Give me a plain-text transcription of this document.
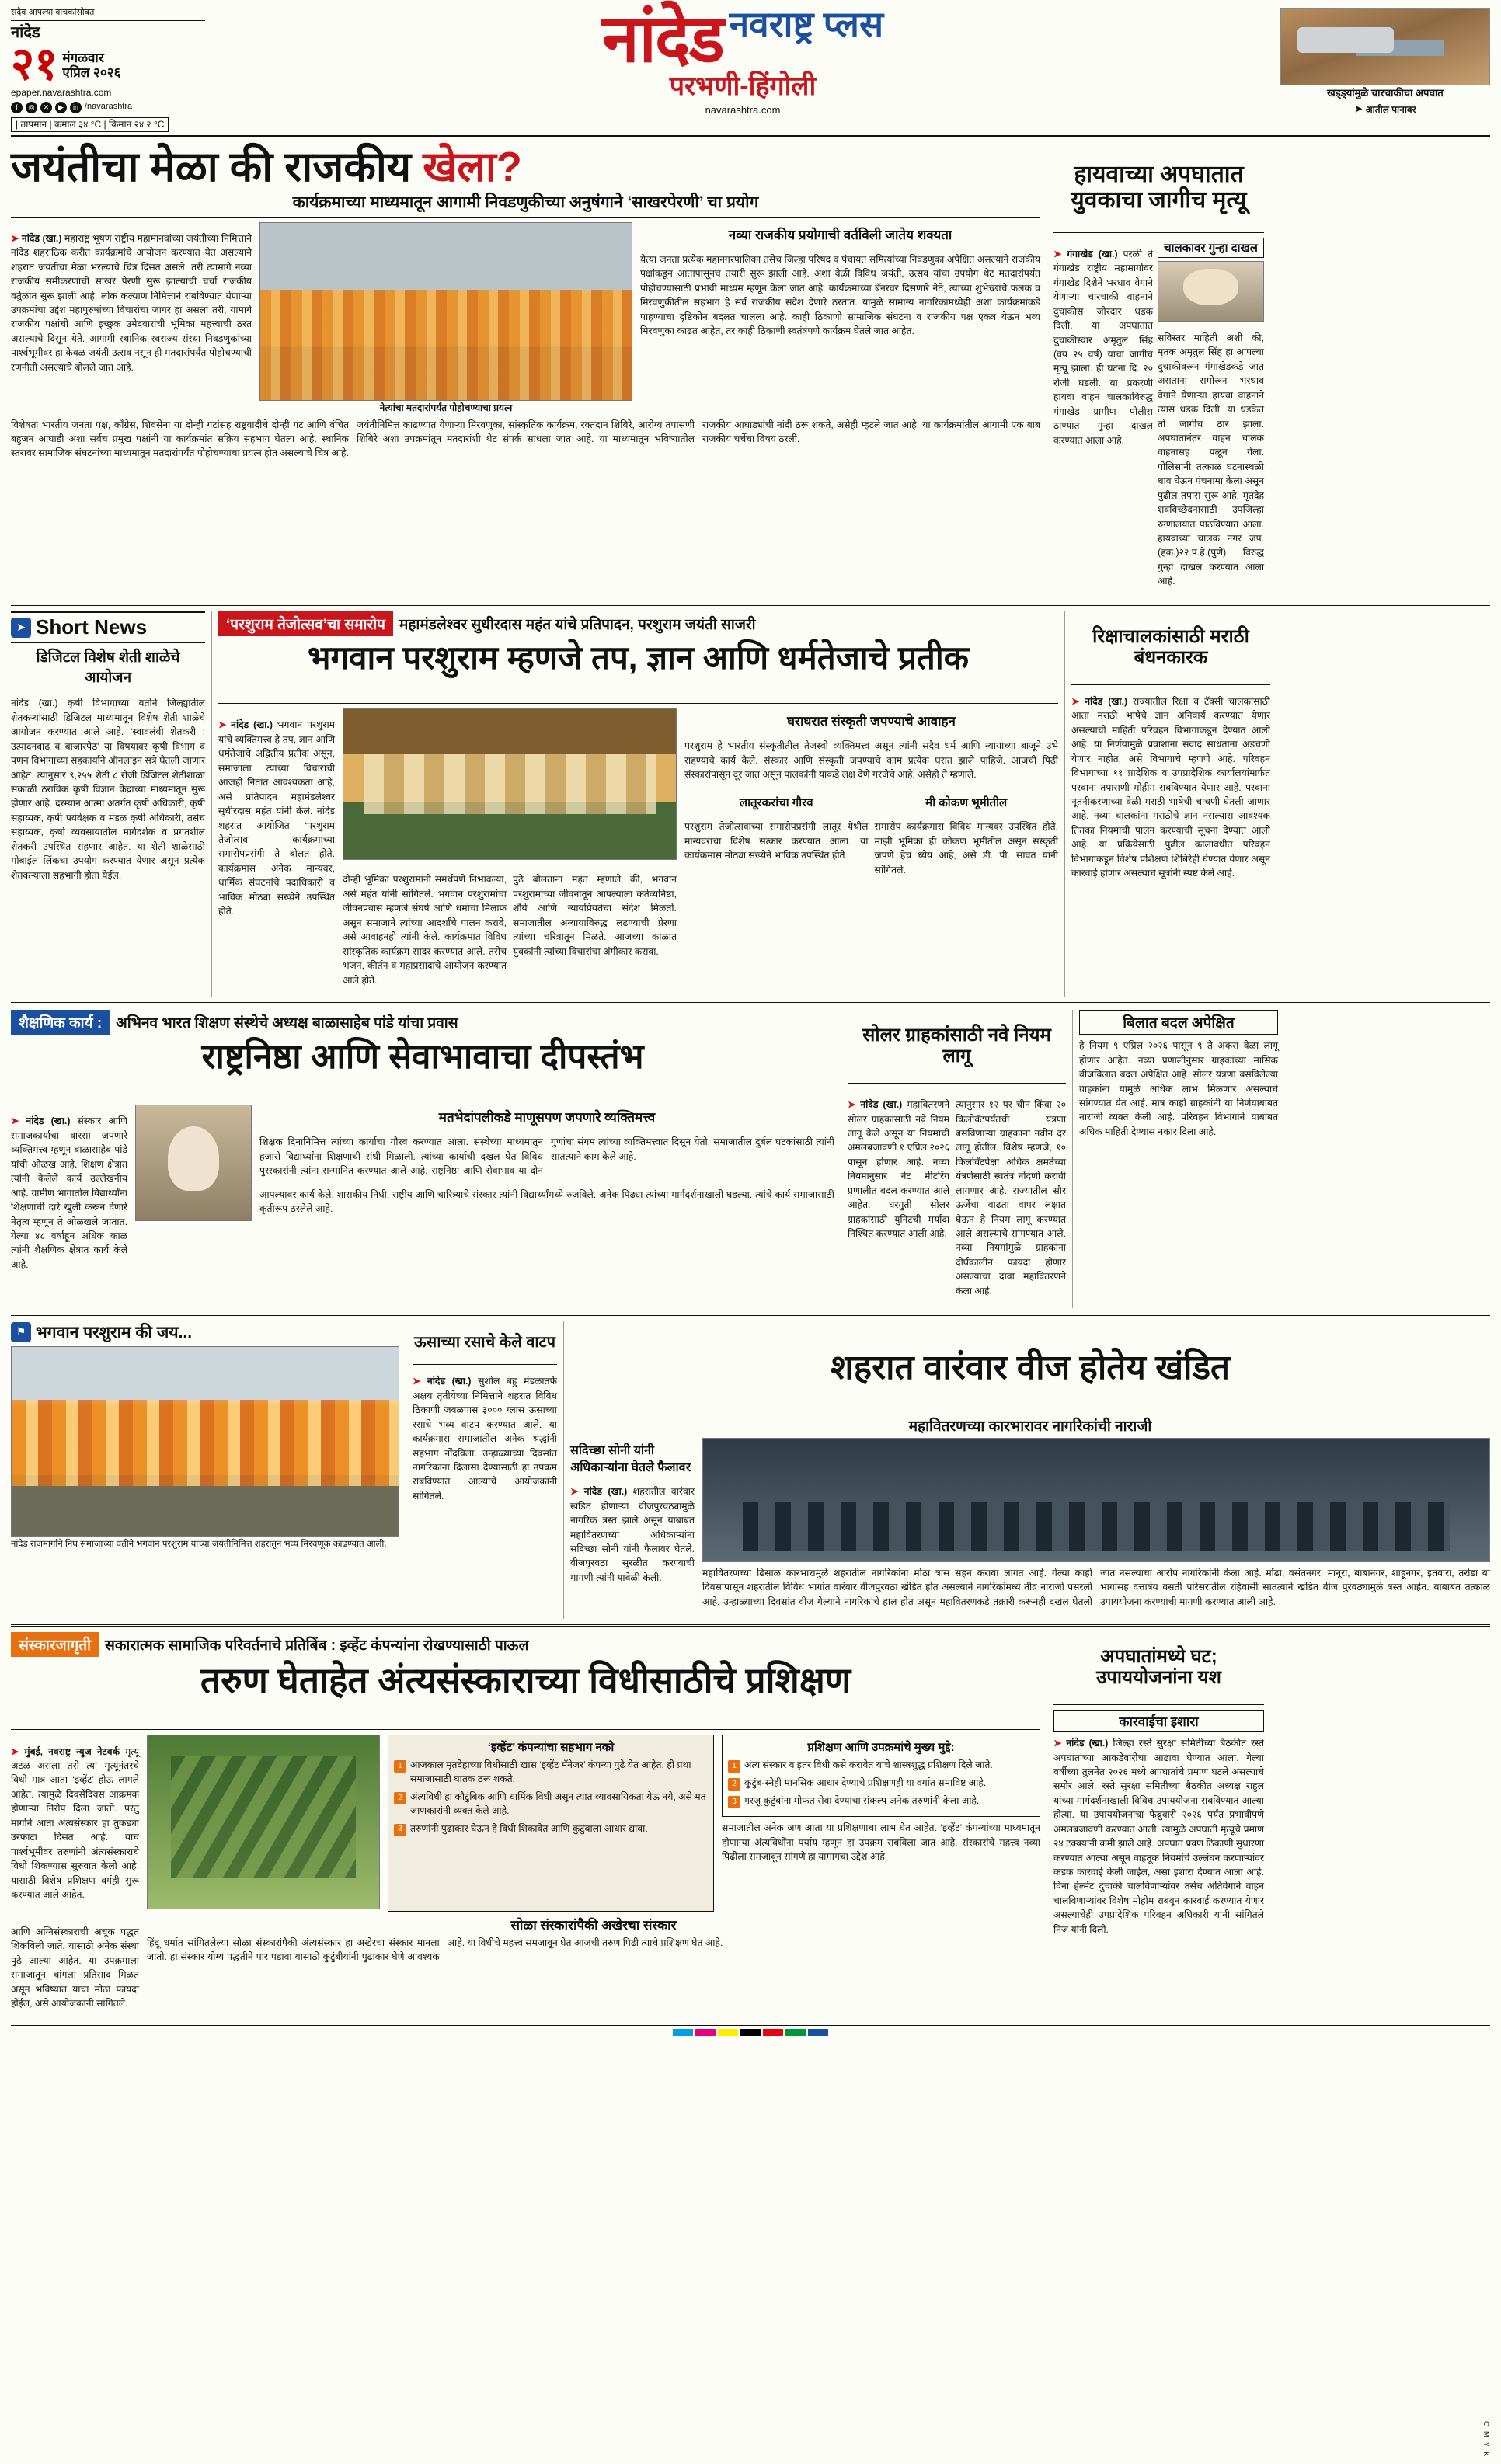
सदैव आपल्या वाचकांसोबत
नांदेड
२१ मंगळवार
एप्रिल २०२६
epaper.navarashtra.com
f	◎	✕	▶	in /navarashtra
| तापमान | कमाल ३४ °C | किमान २४.२ °C
नांदेड नवराष्ट्र प्लस
परभणी-हिंगोली
navarashtra.com
खड्ड्यांमुळे चारचाकीचा अपघात
➤ आतील पानावर
जयंतीचा मेळा की राजकीय खेला?
कार्यक्रमाच्या माध्यमातून आगामी निवडणुकीच्या अनुषंगाने ‘साखरपेरणी’ चा प्रयोग

➤ नांदेड (खा.) महाराष्ट्र भूषण राष्ट्रीय महामानवांच्या जयंतीच्या निमित्ताने नांदेड शहराठिक करीत कार्यक्रमांचे आयोजन करण्यात येत असल्याने शहरात जयंतीचा मेळा भरल्याचे चित्र दिसत असले, तरी त्यामागे नव्या राजकीय समीकरणांची साखर पेरणी सुरू झाल्याची चर्चा राजकीय वर्तुळात सुरू झाली आहे. लोक कल्याण निमित्ताने राबविण्यात येणाऱ्या उपक्रमांचा उद्देश महापुरुषांच्या विचारांचा जागर हा असला तरी, यामागे राजकीय पक्षांची आणि इच्छुक उमेदवारांची भूमिका महत्त्वाची ठरत असल्याचे दिसून येते. आगामी स्थानिक स्वराज्य संस्था निवडणुकांच्या पार्श्वभूमीवर हा केवळ जयंती उत्सव नसून ही मतदारांपर्यंत पोहोचण्याची रणनीती असल्याचे बोलले जात आहे.

नेत्यांचा मतदारांपर्यंत पोहोचण्याचा प्रयत्न
नव्या राजकीय प्रयोगाची वर्तविली जातेय शक्यता

येत्या जनता प्रत्येक महानगरपालिका तसेच जिल्हा परिषद व पंचायत समित्यांच्या निवडणुका अपेक्षित असल्याने राजकीय पक्षांकडून आतापासूनच तयारी सुरू झाली आहे. अशा वेळी विविध जयंती, उत्सव यांचा उपयोग थेट मतदारांपर्यंत पोहोचण्यासाठी प्रभावी माध्यम म्हणून केला जात आहे. कार्यक्रमांच्या बॅनरवर दिसणारे नेते, त्यांच्या शुभेच्छांचे फलक व मिरवणुकीतील सहभाग हे सर्व राजकीय संदेश देणारे ठरतात. यामुळे सामान्य नागरिकांमध्येही अशा कार्यक्रमांकडे पाहण्याचा दृष्टिकोन बदलत चालला आहे. काही ठिकाणी सामाजिक संघटना व राजकीय पक्ष एकत्र येऊन भव्य मिरवणुका काढत आहेत, तर काही ठिकाणी स्वतंत्रपणे कार्यक्रम घेतले जात आहेत.

विशेषतः भारतीय जनता पक्ष, काँग्रेस, शिवसेना या दोन्ही गटांसह राष्ट्रवादीचे दोन्ही गट आणि वंचित बहुजन आघाडी अशा सर्वच प्रमुख पक्षांनी या कार्यक्रमांत सक्रिय सहभाग घेतला आहे. स्थानिक स्तरावर सामाजिक संघटनांच्या माध्यमातून मतदारांपर्यंत पोहोचण्याचा प्रयत्न होत असल्याचे चित्र आहे. जयंतीनिमित्त काढण्यात येणाऱ्या मिरवणुका, सांस्कृतिक कार्यक्रम, रक्तदान शिबिरे, आरोग्य तपासणी शिबिरे अशा उपक्रमांतून मतदारांशी थेट संपर्क साधला जात आहे. या माध्यमातून भविष्यातील राजकीय आघाड्यांची नांदी ठरू शकते, असेही म्हटले जात आहे. या कार्यक्रमांतील आगामी एक बाब राजकीय चर्चेचा विषय ठरली.

हायवाच्या अपघातात युवकाचा जागीच मृत्यू

➤ गंगाखेड (खा.) परळी ते गंगाखेड राष्ट्रीय महामार्गावर गंगाखेड दिशेने भरधाव वेगाने येणाऱ्या चारचाकी वाहनाने दुचाकीस जोरदार धडक दिली. या अपघातात दुचाकीस्वार अमृतुल सिंह (वय २५ वर्ष) याचा जागीच मृत्यू झाला. ही घटना दि. २० रोजी घडली. या प्रकरणी हायवा वाहन चालकाविरुद्ध गंगाखेड ग्रामीण पोलीस ठाण्यात गुन्हा दाखल करण्यात आला आहे.

चालकावर गुन्हा दाखल

सविस्तर माहिती अशी की, मृतक अमृतुल सिंह हा आपल्या दुचाकीवरून गंगाखेडकडे जात असताना समोरून भरधाव वेगाने येणाऱ्या हायवा वाहनाने त्यास धडक दिली. या धडकेत तो जागीच ठार झाला. अपघातानंतर वाहन चालक वाहनासह पळून गेला. पोलिसांनी तत्काळ घटनास्थळी धाव घेऊन पंचनामा केला असून पुढील तपास सुरू आहे. मृतदेह शवविच्छेदनासाठी उपजिल्हा रुग्णालयात पाठविण्यात आला. हायवाच्या चालक नगर जप.(हक.)२२.प.हे.(पुणे) विरुद्ध गुन्हा दाखल करण्यात आला आहे.

➤ Short News
डिजिटल विशेष शेती शाळेचे आयोजन

नांदेड (खा.) कृषी विभागाच्या वतीने जिल्ह्यातील शेतकऱ्यांसाठी डिजिटल माध्यमातून विशेष शेती शाळेचे आयोजन करण्यात आले आहे. ‘स्वावलंबी शेतकरी : उत्पादनवाढ व बाजारपेठ’ या विषयावर कृषी विभाग व पणन विभागाच्या सहकार्याने ऑनलाइन सत्रे घेतली जाणार आहेत. त्यानुसार ९,२५५ शेती ८ रोजी डिजिटल शेतीशाळा सकाळी ठराविक कृषी विज्ञान केंद्राच्या माध्यमातून सुरू होणार आहे. दरम्यान आत्मा अंतर्गत कृषी अधिकारी, कृषी सहाय्यक, कृषी पर्यवेक्षक व मंडळ कृषी अधिकारी, तसेच सहाय्यक, कृषी व्यवसायातील मार्गदर्शक व प्रगतशील शेतकरी उपस्थित राहणार आहेत. या शेती शाळेसाठी मोबाईल लिंकचा उपयोग करण्यात येणार असून प्रत्येक शेतकऱ्याला सहभागी होता येईल.

‘परशुराम तेजोत्सव’चा समारोप महामंडलेश्वर सुधीरदास महंत यांचे प्रतिपादन, परशुराम जयंती साजरी
भगवान परशुराम म्हणजे तप, ज्ञान आणि धर्मतेजाचे प्रतीक

➤ नांदेड (खा.) भगवान परशुराम यांचे व्यक्तिमत्त्व हे तप, ज्ञान आणि धर्मतेजाचे अद्वितीय प्रतीक असून, समाजाला त्यांच्या विचारांची आजही नितांत आवश्यकता आहे, असे प्रतिपादन महामंडलेश्वर सुधीरदास महंत यांनी केले. नांदेड शहरात आयोजित ‘परशुराम तेजोत्सव’ कार्यक्रमाच्या समारोपप्रसंगी ते बोलत होते. कार्यक्रमास अनेक मान्यवर, धार्मिक संघटनांचे पदाधिकारी व भाविक मोठ्या संख्येने उपस्थित होते.

दोन्ही भूमिका परशुरामांनी समर्थपणे निभावल्या, असे महंत यांनी सांगितले. भगवान परशुरामांचा जीवनप्रवास म्हणजे संघर्ष आणि धर्माचा मिलाफ असून समाजाने त्यांच्या आदर्शांचे पालन करावे, असे आवाहनही त्यांनी केले. कार्यक्रमात विविध सांस्कृतिक कार्यक्रम सादर करण्यात आले. तसेच भजन, कीर्तन व महाप्रसादाचे आयोजन करण्यात आले होते.

पुढे बोलताना महंत म्हणाले की, भगवान परशुरामांच्या जीवनातून आपल्याला कर्तव्यनिष्ठा, शौर्य आणि न्यायप्रियतेचा संदेश मिळतो. समाजातील अन्यायाविरुद्ध लढण्याची प्रेरणा त्यांच्या चरित्रातून मिळते. आजच्या काळात युवकांनी त्यांच्या विचारांचा अंगीकार करावा.

घराघरात संस्कृती जपण्याचे आवाहन

परशुराम हे भारतीय संस्कृतीतील तेजस्वी व्यक्तिमत्त्व असून त्यांनी सदैव धर्म आणि न्यायाच्या बाजूने उभे राहण्याचे कार्य केले. संस्कार आणि संस्कृती जपण्याचे काम प्रत्येक घरात झाले पाहिजे. आजची पिढी संस्कारांपासून दूर जात असून पालकांनी याकडे लक्ष देणे गरजेचे आहे, असेही ते म्हणाले.

लातूरकरांचा गौरव

परशुराम तेजोत्सवाच्या समारोपप्रसंगी लातूर येथील मान्यवरांचा विशेष सत्कार करण्यात आला. या कार्यक्रमास मोठ्या संख्येने भाविक उपस्थित होते.

मी कोकण भूमीतील

समारोप कार्यक्रमास विविध मान्यवर उपस्थित होते. माझी भूमिका ही कोकण भूमीतील असून संस्कृती जपणे हेच ध्येय आहे, असे डी. पी. सावंत यांनी सांगितले.

रिक्षाचालकांसाठी मराठी बंधनकारक

➤ नांदेड (खा.) राज्यातील रिक्षा व टॅक्सी चालकांसाठी आता मराठी भाषेचे ज्ञान अनिवार्य करण्यात येणार असल्याची माहिती परिवहन विभागाकडून देण्यात आली आहे. या निर्णयामुळे प्रवाशांना संवाद साधताना अडचणी येणार नाहीत, असे विभागाचे म्हणणे आहे. परिवहन विभागाच्या ११ प्रादेशिक व उपप्रादेशिक कार्यालयांमार्फत परवाना तपासणी मोहीम राबविण्यात येणार आहे. परवाना नूतनीकरणाच्या वेळी मराठी भाषेची चाचणी घेतली जाणार आहे. नव्या चालकांना मराठीचे ज्ञान नसल्यास आवश्यक तितका नियमाची पालन करण्याची सूचना देण्यात आली आहे. या प्रक्रियेसाठी पुढील कालावधीत परिवहन विभागाकडून विशेष प्रशिक्षण शिबिरेही घेण्यात येणार असून कारवाई होणार असल्याचे सूत्रांनी स्पष्ट केले आहे.

शैक्षणिक कार्य : अभिनव भारत शिक्षण संस्थेचे अध्यक्ष बाळासाहेब पांडे यांचा प्रवास
राष्ट्रनिष्ठा आणि सेवाभावाचा दीपस्तंभ

➤ नांदेड (खा.) संस्कार आणि समाजकार्याचा वारसा जपणारे व्यक्तिमत्त्व म्हणून बाळासाहेब पांडे यांची ओळख आहे. शिक्षण क्षेत्रात त्यांनी केलेले कार्य उल्लेखनीय आहे. ग्रामीण भागातील विद्यार्थ्यांना शिक्षणाची दारे खुली करून देणारे नेतृत्व म्हणून ते ओळखले जातात. गेल्या ४८ वर्षांहून अधिक काळ त्यांनी शैक्षणिक क्षेत्रात कार्य केले आहे.

मतभेदांपलीकडे माणूसपण जपणारे व्यक्तिमत्त्व

शिक्षक दिनानिमित्त त्यांच्या कार्याचा गौरव करण्यात आला. संस्थेच्या माध्यमातून हजारो विद्यार्थ्यांना शिक्षणाची संधी मिळाली. त्यांच्या कार्याची दखल घेत विविध पुरस्कारांनी त्यांना सन्मानित करण्यात आले आहे. राष्ट्रनिष्ठा आणि सेवाभाव या दोन गुणांचा संगम त्यांच्या व्यक्तिमत्त्वात दिसून येतो. समाजातील दुर्बल घटकांसाठी त्यांनी सातत्याने काम केले आहे.

आपल्यावर कार्य केले, शासकीय निधी, राष्ट्रीय आणि चारित्र्याचे संस्कार त्यांनी विद्यार्थ्यांमध्ये रुजविले. अनेक पिढ्या त्यांच्या मार्गदर्शनाखाली घडल्या. त्यांचे कार्य समाजासाठी कृतीरूप ठरलेले आहे.

सोलर ग्राहकांसाठी नवे नियम लागू

➤ नांदेड (खा.) महावितरणने सोलर ग्राहकांसाठी नवे नियम लागू केले असून या नियमांची अंमलबजावणी १ एप्रिल २०२६ पासून होणार आहे. नव्या नियमानुसार नेट मीटरिंग प्रणालीत बदल करण्यात आले आहेत. घरगुती सोलर ग्राहकांसाठी युनिटची मर्यादा निश्चित करण्यात आली आहे.

त्यानुसार १२ पर चीन किंवा २० किलोवॅटपर्यंतची यंत्रणा बसविणाऱ्या ग्राहकांना नवीन दर लागू होतील. विशेष म्हणजे, १० किलोवॅटपेक्षा अधिक क्षमतेच्या यंत्रणेसाठी स्वतंत्र नोंदणी करावी लागणार आहे. राज्यातील सौर ऊर्जेचा वाढता वापर लक्षात घेऊन हे नियम लागू करण्यात आले असल्याचे सांगण्यात आले. नव्या नियमांमुळे ग्राहकांना दीर्घकालीन फायदा होणार असल्याचा दावा महावितरणने केला आहे.

बिलात बदल अपेक्षित

हे नियम ९ एप्रिल २०२६ पासून ९ ते अकरा वेळा लागू होणार आहेत. नव्या प्रणालीनुसार ग्राहकांच्या मासिक वीजबिलात बदल अपेक्षित आहे. सोलर यंत्रणा बसविलेल्या ग्राहकांना यामुळे अधिक लाभ मिळणार असल्याचे सांगण्यात येत आहे. मात्र काही ग्राहकांनी या निर्णयाबाबत नाराजी व्यक्त केली आहे. परिवहन विभागाने याबाबत अधिक माहिती देण्यास नकार दिला आहे.

⚑ भगवान परशुराम की जय...
नांदेड राजमार्गाने निघ समाजाच्या वतीने भगवान परशुराम यांच्या जयंतीनिमित्त शहरातून भव्य मिरवणूक काढण्यात आली.
ऊसाच्या रसाचे केले वाटप

➤ नांदेड (खा.) सुशील बहु मंडळातर्फे अक्षय तृतीयेच्या निमित्ताने शहरात विविध ठिकाणी जवळपास ३००० ग्लास ऊसाच्या रसाचे भव्य वाटप करण्यात आले. या कार्यक्रमास समाजातील अनेक श्रद्धांनी सहभाग नोंदविला. उन्हाळ्याच्या दिवसांत नागरिकांना दिलासा देण्यासाठी हा उपक्रम राबविण्यात आल्याचे आयोजकांनी सांगितले.

शहरात वारंवार वीज होतेय खंडित
महावितरणच्या कारभारावर नागरिकांची नाराजी
सदिच्छा सोनी यांनी अधिकाऱ्यांना घेतले फैलावर

➤ नांदेड (खा.) शहरातील वारंवार खंडित होणाऱ्या वीजपुरवठ्यामुळे नागरिक त्रस्त झाले असून याबाबत महावितरणच्या अधिकाऱ्यांना सदिच्छा सोनी यांनी फैलावर घेतले. वीजपुरवठा सुरळीत करण्याची मागणी त्यांनी यावेळी केली.	महावितरणच्या ढिसाळ कारभारामुळे शहरातील नागरिकांना मोठा त्रास सहन करावा लागत आहे. गेल्या काही दिवसांपासून शहरातील विविध भागांत वारंवार वीजपुरवठा खंडित होत असल्याने नागरिकांमध्ये तीव्र नाराजी पसरली आहे. उन्हाळ्याच्या दिवसांत वीज गेल्याने नागरिकांचे हाल होत असून महावितरणकडे तक्रारी करूनही दखल घेतली जात नसल्याचा आरोप नागरिकांनी केला आहे. मोंढा, वसंतनगर, मानूरा, बाबानगर, शाहूनगर, इतवारा, तरोडा या भागांसह दत्तात्रेय वसती परिसरातील रहिवासी सातत्याने खंडित वीज पुरवठ्यामुळे त्रस्त आहेत. याबाबत तत्काळ उपाययोजना करण्याची मागणी करण्यात आली आहे.

संस्कारजागृती सकारात्मक सामाजिक परिवर्तनाचे प्रतिबिंब : इव्हेंट कंपन्यांना रोखण्यासाठी पाऊल
तरुण घेताहेत अंत्यसंस्काराच्या विधीसाठीचे प्रशिक्षण

➤ मुंबई, नवराष्ट्र न्यूज नेटवर्क मृत्यू अटळ असला तरी त्या मृत्यूनंतरचे विधी मात्र आता ‘इव्हेंट’ होऊ लागले आहेत. त्यामुळे दिवसेंदिवस आक्रमक होणाऱ्या निरोप दिला जातो. परंतु मार्गाने आता अंत्यसंस्कार हा तुकड्या उरफाटा दिसत आहे. याच पार्श्वभूमीवर तरुणांनी अंत्यसंस्काराचे विधी शिकण्यास सुरुवात केली आहे. यासाठी विशेष प्रशिक्षण वर्गही सुरू करण्यात आले आहेत.

‘इव्हेंट’ कंपन्यांचा सहभाग नको
1 आजकाल मृतदेहाच्या विधींसाठी खास ‘इव्हेंट मॅनेजर’ कंपन्या पुढे येत आहेत. ही प्रथा समाजासाठी घातक ठरू शकते.
2 अंत्यविधी हा कौटुंबिक आणि धार्मिक विधी असून त्यात व्यावसायिकता येऊ नये, असे मत जाणकारांनी व्यक्त केले आहे.
3 तरुणांनी पुढाकार घेऊन हे विधी शिकावेत आणि कुटुंबाला आधार द्यावा.
प्रशिक्षण आणि उपक्रमांचे मुख्य मुद्दे:
1 अंत्य संस्कार व इतर विधी कसे करावेत याचे शास्त्रशुद्ध प्रशिक्षण दिले जाते.
2 कुटुंब-स्नेही मानसिक आधार देण्याचे प्रशिक्षणही या वर्गात समाविष्ट आहे.
3 गरजू कुटुंबांना मोफत सेवा देण्याचा संकल्प अनेक तरुणांनी केला आहे.

समाजातील अनेक जण आता या प्रशिक्षणाचा लाभ घेत आहेत. ‘इव्हेंट’ कंपन्यांच्या माध्यमातून होणाऱ्या अंत्यविधींना पर्याय म्हणून हा उपक्रम राबविला जात आहे. संस्कारांचे महत्त्व नव्या पिढीला समजावून सांगणे हा यामागचा उद्देश आहे.

आणि अग्निसंस्काराची अचूक पद्धत शिकविली जाते. यासाठी अनेक संस्था पुढे आल्या आहेत. या उपक्रमाला समाजातून चांगला प्रतिसाद मिळत असून भविष्यात याचा मोठा फायदा होईल, असे आयोजकांनी सांगितले.

सोळा संस्कारांपैकी अखेरचा संस्कार

हिंदू धर्मात सांगितलेल्या सोळा संस्कारांपैकी अंत्यसंस्कार हा अखेरचा संस्कार मानला जातो. हा संस्कार योग्य पद्धतीने पार पडावा यासाठी कुटुंबीयांनी पुढाकार घेणे आवश्यक आहे. या विधीचे महत्त्व समजावून घेत आजची तरुण पिढी त्याचे प्रशिक्षण घेत आहे.

अपघातांमध्ये घट; उपाययोजनांना यश
कारवाईचा इशारा

➤ नांदेड (खा.) जिल्हा रस्ते सुरक्षा समितीच्या बैठकीत रस्ते अपघातांच्या आकडेवारीचा आढावा घेण्यात आला. गेल्या वर्षीच्या तुलनेत २०२६ मध्ये अपघातांचे प्रमाण घटले असल्याचे समोर आले. रस्ते सुरक्षा समितीच्या बैठकीत अध्यक्ष राहुल यांच्या मार्गदर्शनाखाली विविध उपाययोजना राबविण्यात आल्या होत्या. या उपाययोजनांचा फेब्रुवारी २०२६ पर्यंत प्रभावीपणे अंमलबजावणी करण्यात आली. त्यामुळे अपघाती मृत्यूंचे प्रमाण २४ टक्क्यांनी कमी झाले आहे. अपघात प्रवण ठिकाणी सुधारणा करण्यात आल्या असून वाहतूक नियमांचे उल्लंघन करणाऱ्यांवर कडक कारवाई केली जाईल, असा इशारा देण्यात आला आहे. विना हेल्मेट दुचाकी चालविणाऱ्यांवर तसेच अतिवेगाने वाहन चालविणाऱ्यांवर विशेष मोहीम राबवून कारवाई करण्यात येणार असल्याचेही उपप्रादेशिक परिवहन अधिकारी यांनी सांगितले निज यांनी दिली.

C M Y K
